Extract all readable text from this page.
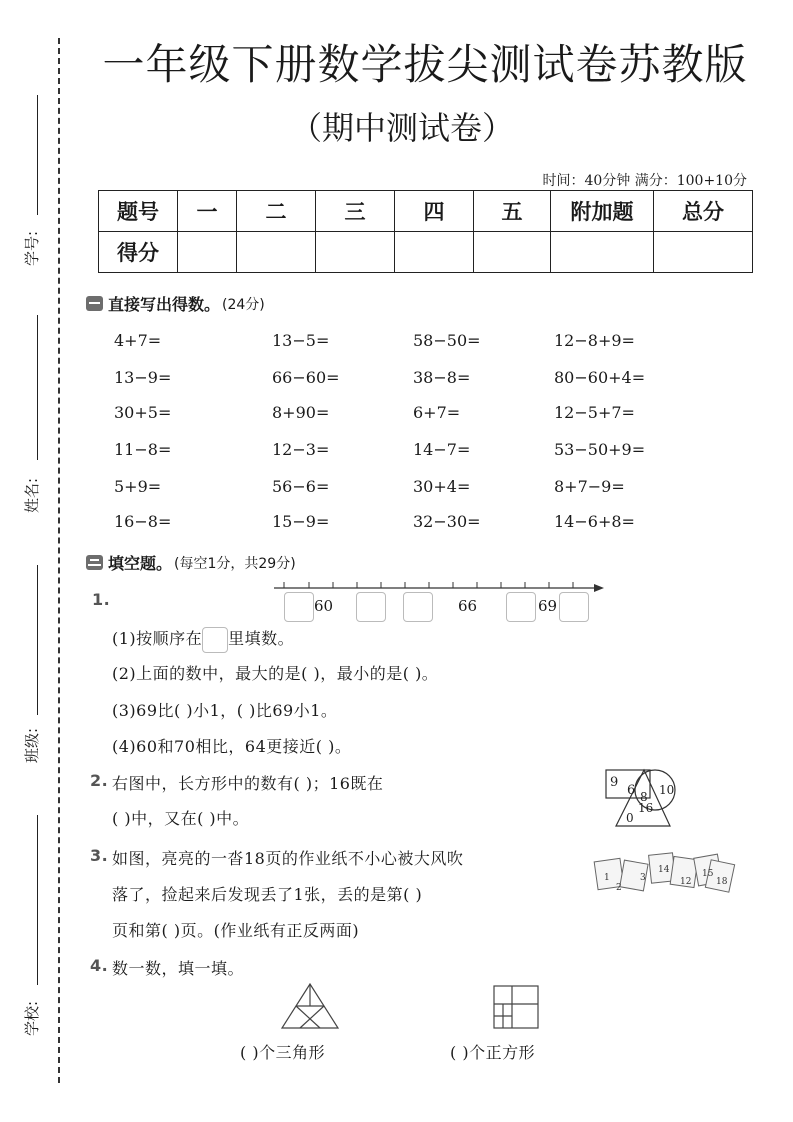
学号:
姓名:
班级:
学校:
一年级下册数学拔尖测试卷苏教版
（期中测试卷）
时间：40分钟 满分：100+10分
题号	一	二	三	四	五	附加题	总分
得分							
直接写出得数。 (24分)
4+7=	13−5=	58−50=	12−8+9=
13−9=	66−60=	38−8=	80−60+4=
30+5=	8+90=	6+7=	12−5+7=
11−8=	12−3=	14−7=	53−50+9=
5+9=	56−6=	30+4=	8+7−9=
16−8=	15−9=	32−30=	14−6+8=
填空题。 (每空1分，共29分)
1.	60	66	69
(1)按顺序在 里填数。
(2)上面的数中，最大的是( )，最小的是( )。
(3)69比( )小1，( )比69小1。
(4)60和70相比，64更接近( )。
2. 右图中，长方形中的数有( )；16既在
( )中，又在( )中。
9
6 8 10
16
0
3. 如图，亮亮的一沓18页的作业纸不小心被大风吹
落了，捡起来后发现丢了1张，丢的是第( )
页和第( )页。(作业纸有正反两面)
1
2
3
14
12
15
18
4. 数一数，填一填。
( )个三角形	( )个正方形
